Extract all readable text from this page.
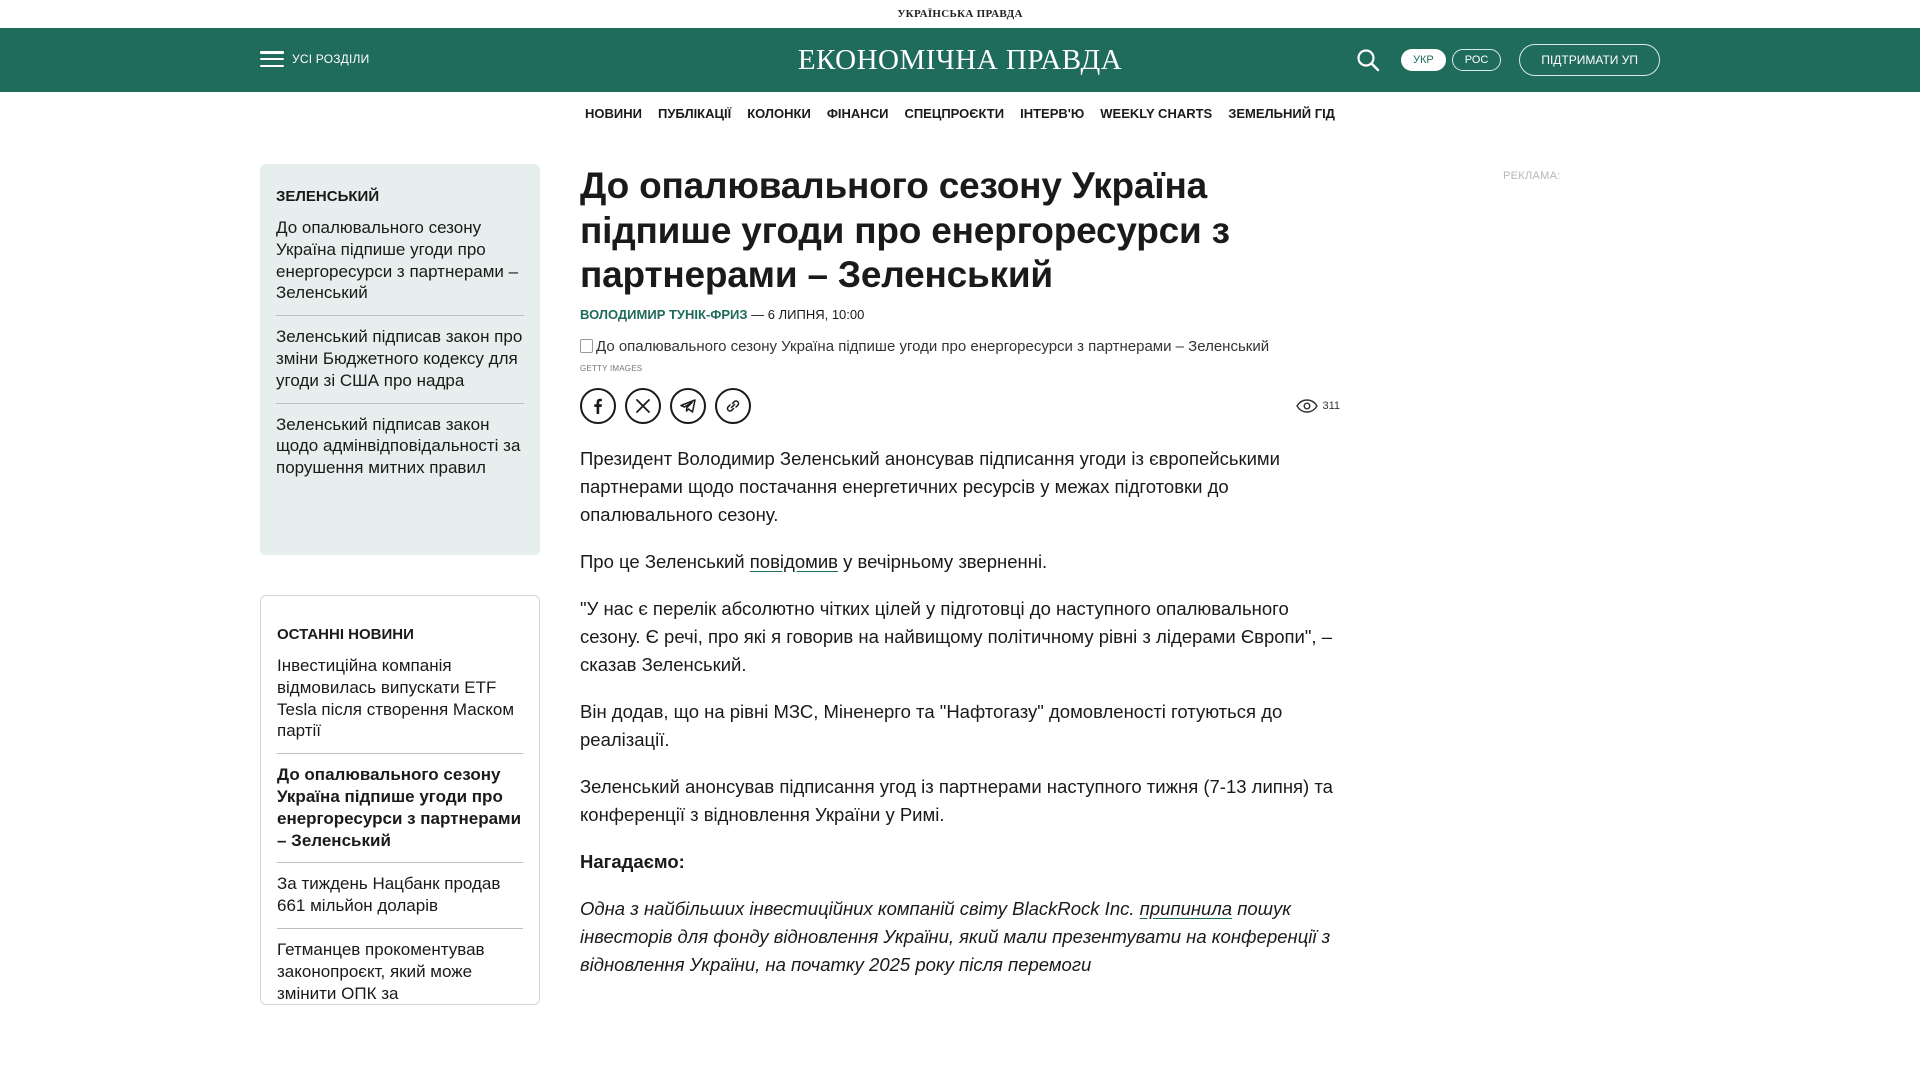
УКРАЇНСЬКА ПРАВДА
УСІ РОЗДІЛИ	ЕКОНОМІЧНА ПРАВДА	УКР	РОС	ПІДТРИМАТИ УП
НОВИНИ ПУБЛІКАЦІЇ КОЛОНКИ ФІНАНСИ СПЕЦПРОЄКТИ ІНТЕРВ'Ю WEEKLY CHARTS ЗЕМЕЛЬНИЙ ГІД
ЗЕЛЕНСЬКИЙ
До опалювального сезону Україна підпише угоди про енергоресурси з партнерами – Зеленський
Зеленський підписав закон про зміни Бюджетного кодексу для угоди зі США про надра
Зеленський підписав закон щодо адмінвідповідальності за порушення митних правил
ОСТАННІ НОВИНИ
Інвестиційна компанія відмовилась випускати ETF Tesla після створення Маском партії
До опалювального сезону Україна підпише угоди про енергоресурси з партнерами – Зеленський
За тиждень Нацбанк продав 661 мільйон доларів
Гетманцев прокоментував законопроєкт, який може змінити ОПК за
До опалювального сезону Україна підпише угоди про енергоресурси з партнерами – Зеленський
ВОЛОДИМИР ТУНІК-ФРИЗ — 6 ЛИПНЯ, 10:00
До опалювального сезону Україна підпише угоди про енергоресурси з партнерами – Зеленський
GETTY IMAGES
311

Президент Володимир Зеленський анонсував підписання угоди із європейськими партнерами щодо постачання енергетичних ресурсів у межах підготовки до опалювального сезону.

Про це Зеленський повідомив у вечірньому зверненні.

"У нас є перелік абсолютно чітких цілей у підготовці до наступного опалювального сезону. Є речі, про які я говорив на найвищому політичному рівні з лідерами Європи", – сказав Зеленський.

Він додав, що на рівні МЗС, Міненерго та "Нафтогазу" домовленості готуються до реалізації.

Зеленський анонсував підписання угод із партнерами наступного тижня (7-13 липня) та конференції з відновлення України у Римі.

Нагадаємо:

Одна з найбільших інвестиційних компаній світу BlackRock Inc. припинила пошук інвесторів для фонду відновлення України, який мали презентувати на конференції з відновлення України, на початку 2025 року після перемоги

РЕКЛАМА:
